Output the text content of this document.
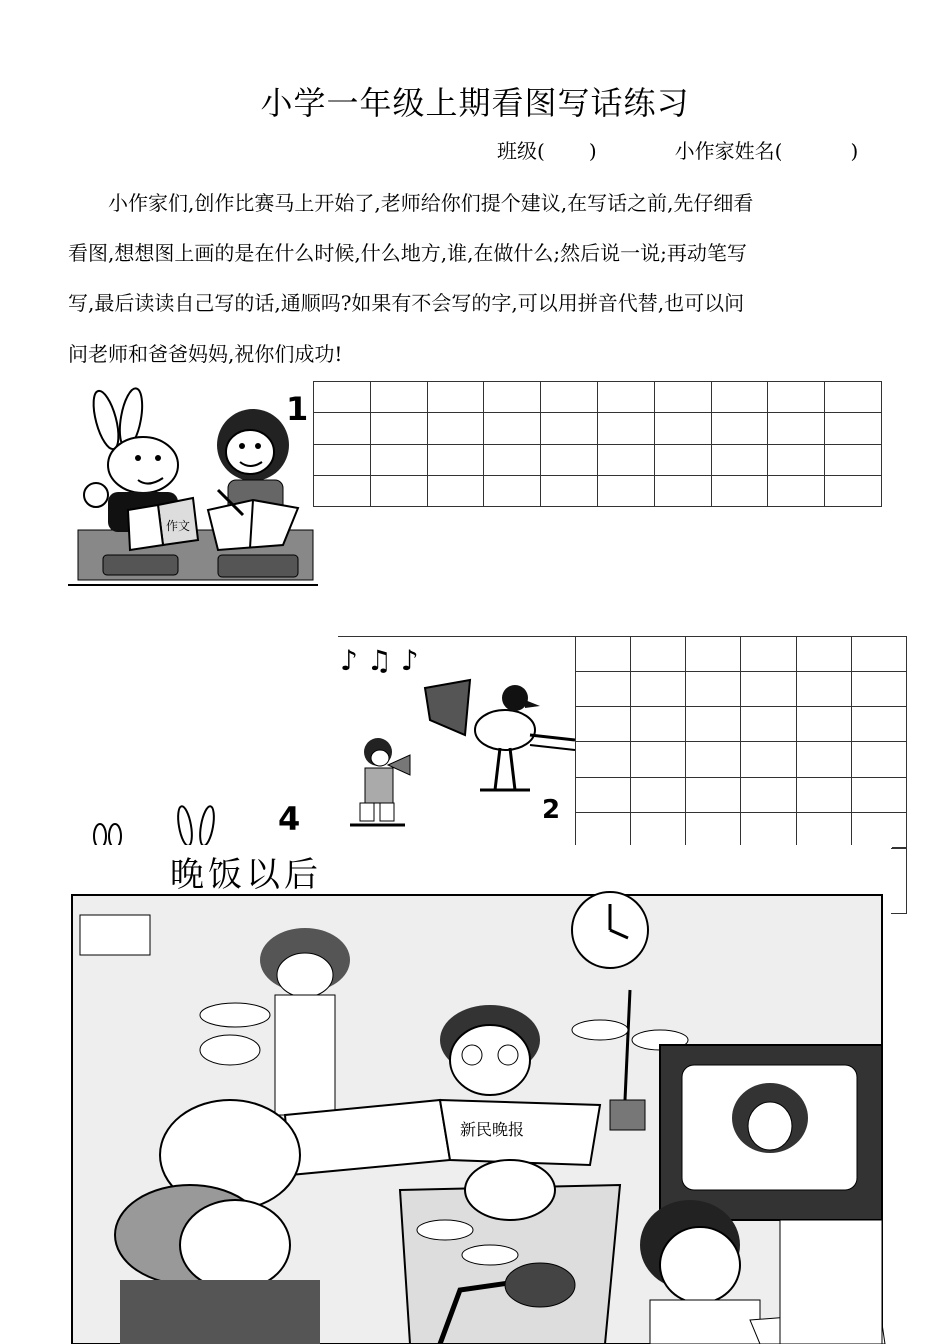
小学一年级上期看图写话练习
班级( )	小作家姓名(	)
小作家们,创作比赛马上开始了,老师给你们提个建议,在写话之前,先仔细看
看图,想想图上画的是在什么时候,什么地方,谁,在做什么;然后说一说;再动笔写
写,最后读读自己写的话,通顺吗?如果有不会写的字,可以用拼音代替,也可以问
问老师和爸爸妈妈,祝你们成功!
作文
1

♪ ♫ ♪
2

4
晚饭以后
新民晚报
